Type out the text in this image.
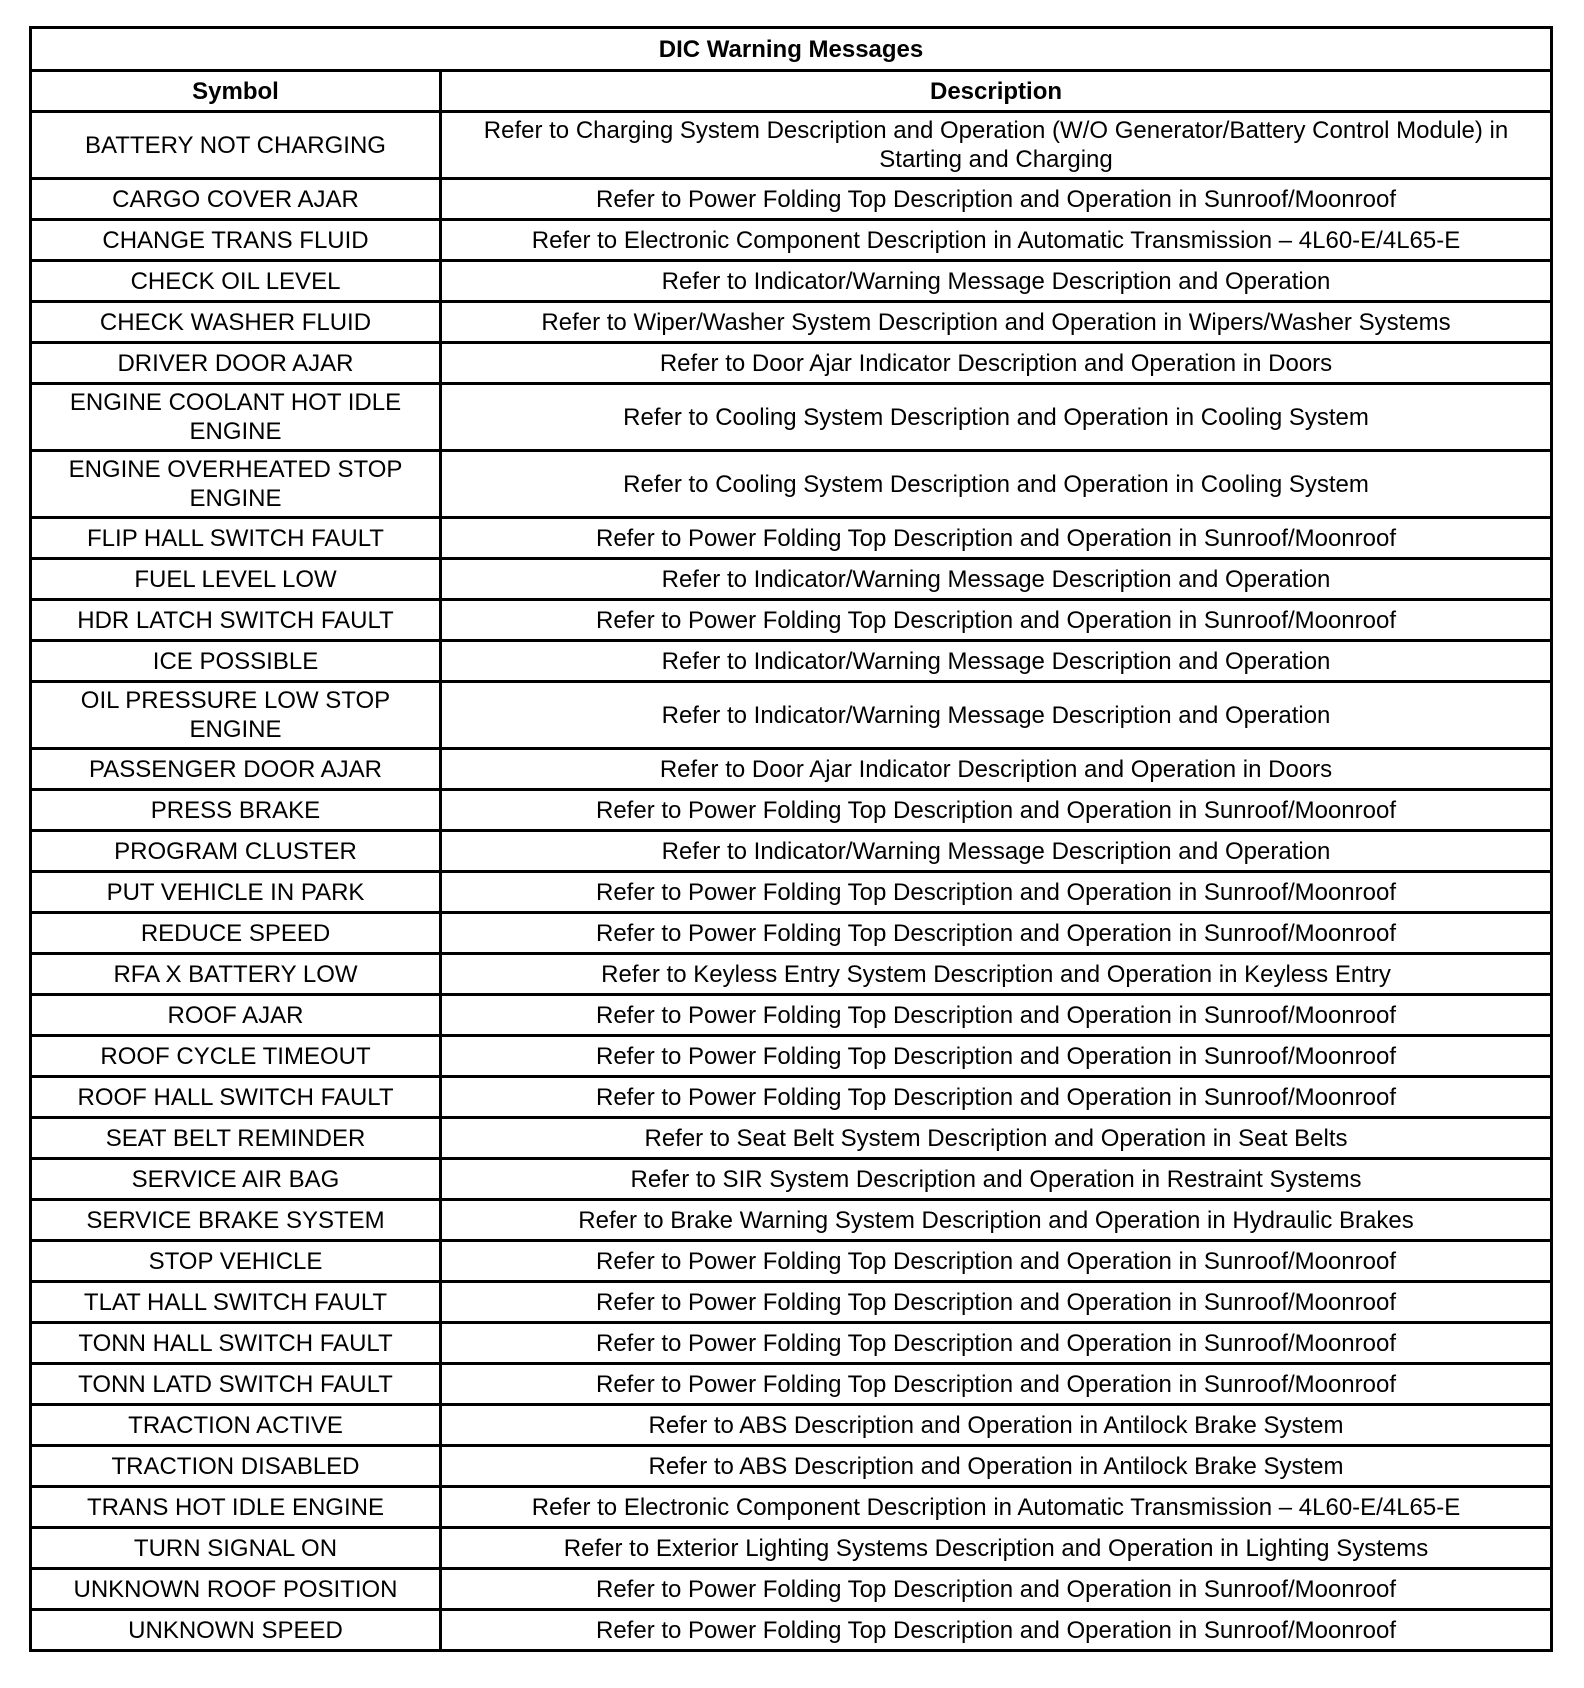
DIC Warning Messages	
Symbol	Description
BATTERY NOT CHARGING	Refer to Charging System Description and Operation (W/O Generator/Battery Control Module) in Starting and Charging
CARGO COVER AJAR	Refer to Power Folding Top Description and Operation in Sunroof/Moonroof
CHANGE TRANS FLUID	Refer to Electronic Component Description in Automatic Transmission – 4L60-E/4L65-E
CHECK OIL LEVEL	Refer to Indicator/Warning Message Description and Operation
CHECK WASHER FLUID	Refer to Wiper/Washer System Description and Operation in Wipers/Washer Systems
DRIVER DOOR AJAR	Refer to Door Ajar Indicator Description and Operation in Doors
ENGINE COOLANT HOT IDLE ENGINE	Refer to Cooling System Description and Operation in Cooling System
ENGINE OVERHEATED STOP ENGINE	Refer to Cooling System Description and Operation in Cooling System
FLIP HALL SWITCH FAULT	Refer to Power Folding Top Description and Operation in Sunroof/Moonroof
FUEL LEVEL LOW	Refer to Indicator/Warning Message Description and Operation
HDR LATCH SWITCH FAULT	Refer to Power Folding Top Description and Operation in Sunroof/Moonroof
ICE POSSIBLE	Refer to Indicator/Warning Message Description and Operation
OIL PRESSURE LOW STOP ENGINE	Refer to Indicator/Warning Message Description and Operation
PASSENGER DOOR AJAR	Refer to Door Ajar Indicator Description and Operation in Doors
PRESS BRAKE	Refer to Power Folding Top Description and Operation in Sunroof/Moonroof
PROGRAM CLUSTER	Refer to Indicator/Warning Message Description and Operation
PUT VEHICLE IN PARK	Refer to Power Folding Top Description and Operation in Sunroof/Moonroof
REDUCE SPEED	Refer to Power Folding Top Description and Operation in Sunroof/Moonroof
RFA X BATTERY LOW	Refer to Keyless Entry System Description and Operation in Keyless Entry
ROOF AJAR	Refer to Power Folding Top Description and Operation in Sunroof/Moonroof
ROOF CYCLE TIMEOUT	Refer to Power Folding Top Description and Operation in Sunroof/Moonroof
ROOF HALL SWITCH FAULT	Refer to Power Folding Top Description and Operation in Sunroof/Moonroof
SEAT BELT REMINDER	Refer to Seat Belt System Description and Operation in Seat Belts
SERVICE AIR BAG	Refer to SIR System Description and Operation in Restraint Systems
SERVICE BRAKE SYSTEM	Refer to Brake Warning System Description and Operation in Hydraulic Brakes
STOP VEHICLE	Refer to Power Folding Top Description and Operation in Sunroof/Moonroof
TLAT HALL SWITCH FAULT	Refer to Power Folding Top Description and Operation in Sunroof/Moonroof
TONN HALL SWITCH FAULT	Refer to Power Folding Top Description and Operation in Sunroof/Moonroof
TONN LATD SWITCH FAULT	Refer to Power Folding Top Description and Operation in Sunroof/Moonroof
TRACTION ACTIVE	Refer to ABS Description and Operation in Antilock Brake System
TRACTION DISABLED	Refer to ABS Description and Operation in Antilock Brake System
TRANS HOT IDLE ENGINE	Refer to Electronic Component Description in Automatic Transmission – 4L60-E/4L65-E
TURN SIGNAL ON	Refer to Exterior Lighting Systems Description and Operation in Lighting Systems
UNKNOWN ROOF POSITION	Refer to Power Folding Top Description and Operation in Sunroof/Moonroof
UNKNOWN SPEED	Refer to Power Folding Top Description and Operation in Sunroof/Moonroof
